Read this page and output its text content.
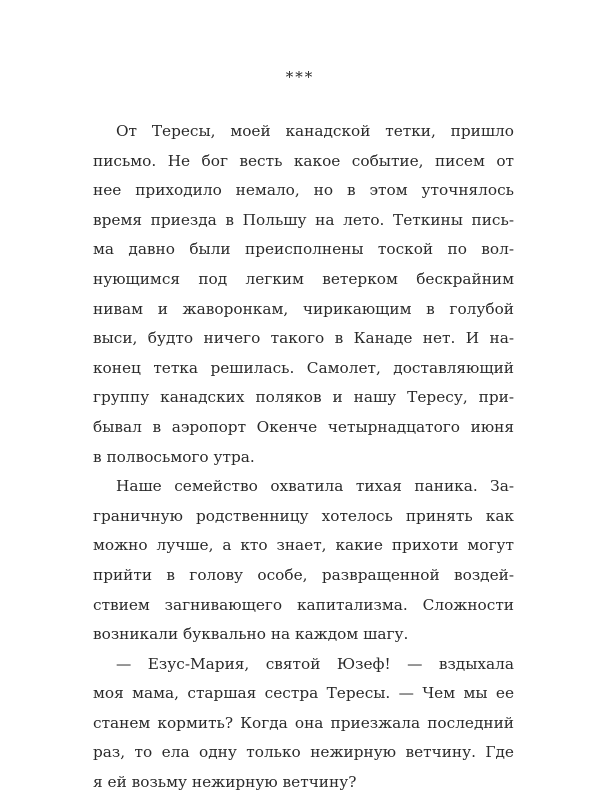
***
От Тересы, моей канадской тетки, пришло
письмо. Не бог весть какое событие, писем от
нее приходило немало, но в этом уточнялось
время приезда в Польшу на лето. Теткины пись-
ма давно были преисполнены тоской по вол-
нующимся под легким ветерком бескрайним
нивам и жаворонкам, чирикающим в голубой
выси, будто ничего такого в Канаде нет. И на-
конец тетка решилась. Самолет, доставляющий
группу канадских поляков и нашу Тересу, при-
бывал в аэропорт Окенче четырнадцатого июня
в полвосьмого утра.
Наше семейство охватила тихая паника. За-
граничную родственницу хотелось принять как
можно лучше, а кто знает, какие прихоти могут
прийти в голову особе, развращенной воздей-
ствием загнивающего капитализма. Сложности
возникали буквально на каждом шагу.
— Езус-Мария, святой Юзеф! — вздыхала
моя мама, старшая сестра Тересы. — Чем мы ее
станем кормить? Когда она приезжала последний
раз, то ела одну только нежирную ветчину. Где
я ей возьму нежирную ветчину?
